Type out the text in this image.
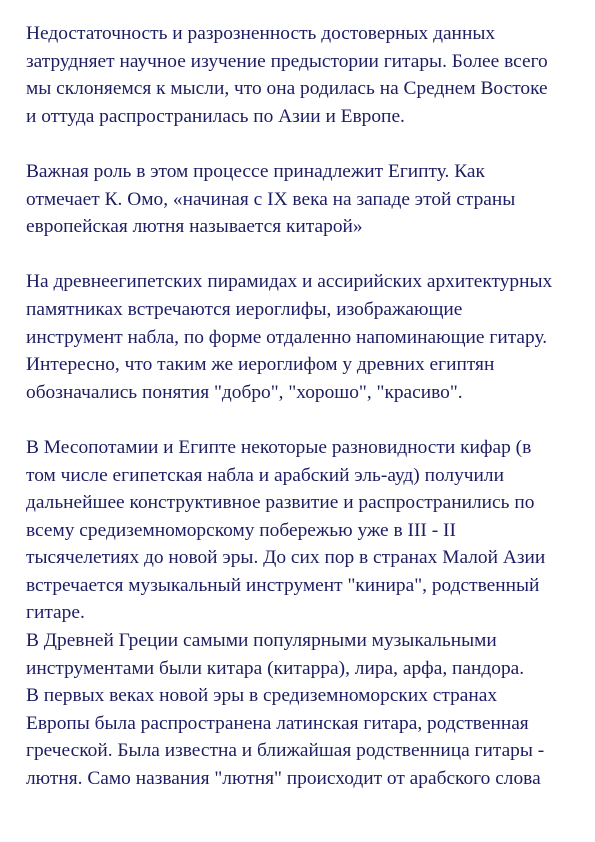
Недостаточность и разрозненность достоверных данных
затрудняет научное изучение предыстории гитары. Более всего
мы склоняемся к мысли, что она родилась на Среднем Востоке
и оттуда распространилась по Азии и Европе.
Важная роль в этом процессе принадлежит Египту. Как
отмечает К. Омо, «начиная с IX века на западе этой страны
европейская лютня называется китарой»
На древнеегипетских пирамидах и ассирийских архитектурных
памятниках встречаются иероглифы, изображающие
инструмент набла, по форме отдаленно напоминающие гитару.
Интересно, что таким же иероглифом у древних египтян
обозначались понятия "добро", "хорошо", "красиво".
В Месопотамии и Египте некоторые разновидности кифар (в
том числе египетская набла и арабский эль-ауд) получили
дальнейшее конструктивное развитие и распространились по
всему средиземноморскому побережью уже в III - II
тысячелетиях до новой эры. До сих пор в странах Малой Азии
встречается музыкальный инструмент "кинира", родственный
гитаре.
В Древней Греции самыми популярными музыкальными
инструментами были китара (китарра), лира, арфа, пандора.
В первых веках новой эры в средиземноморских странах
Европы была распространена латинская гитара, родственная
греческой. Была известна и ближайшая родственница гитары -
лютня. Само названия "лютня" происходит от арабского слова
